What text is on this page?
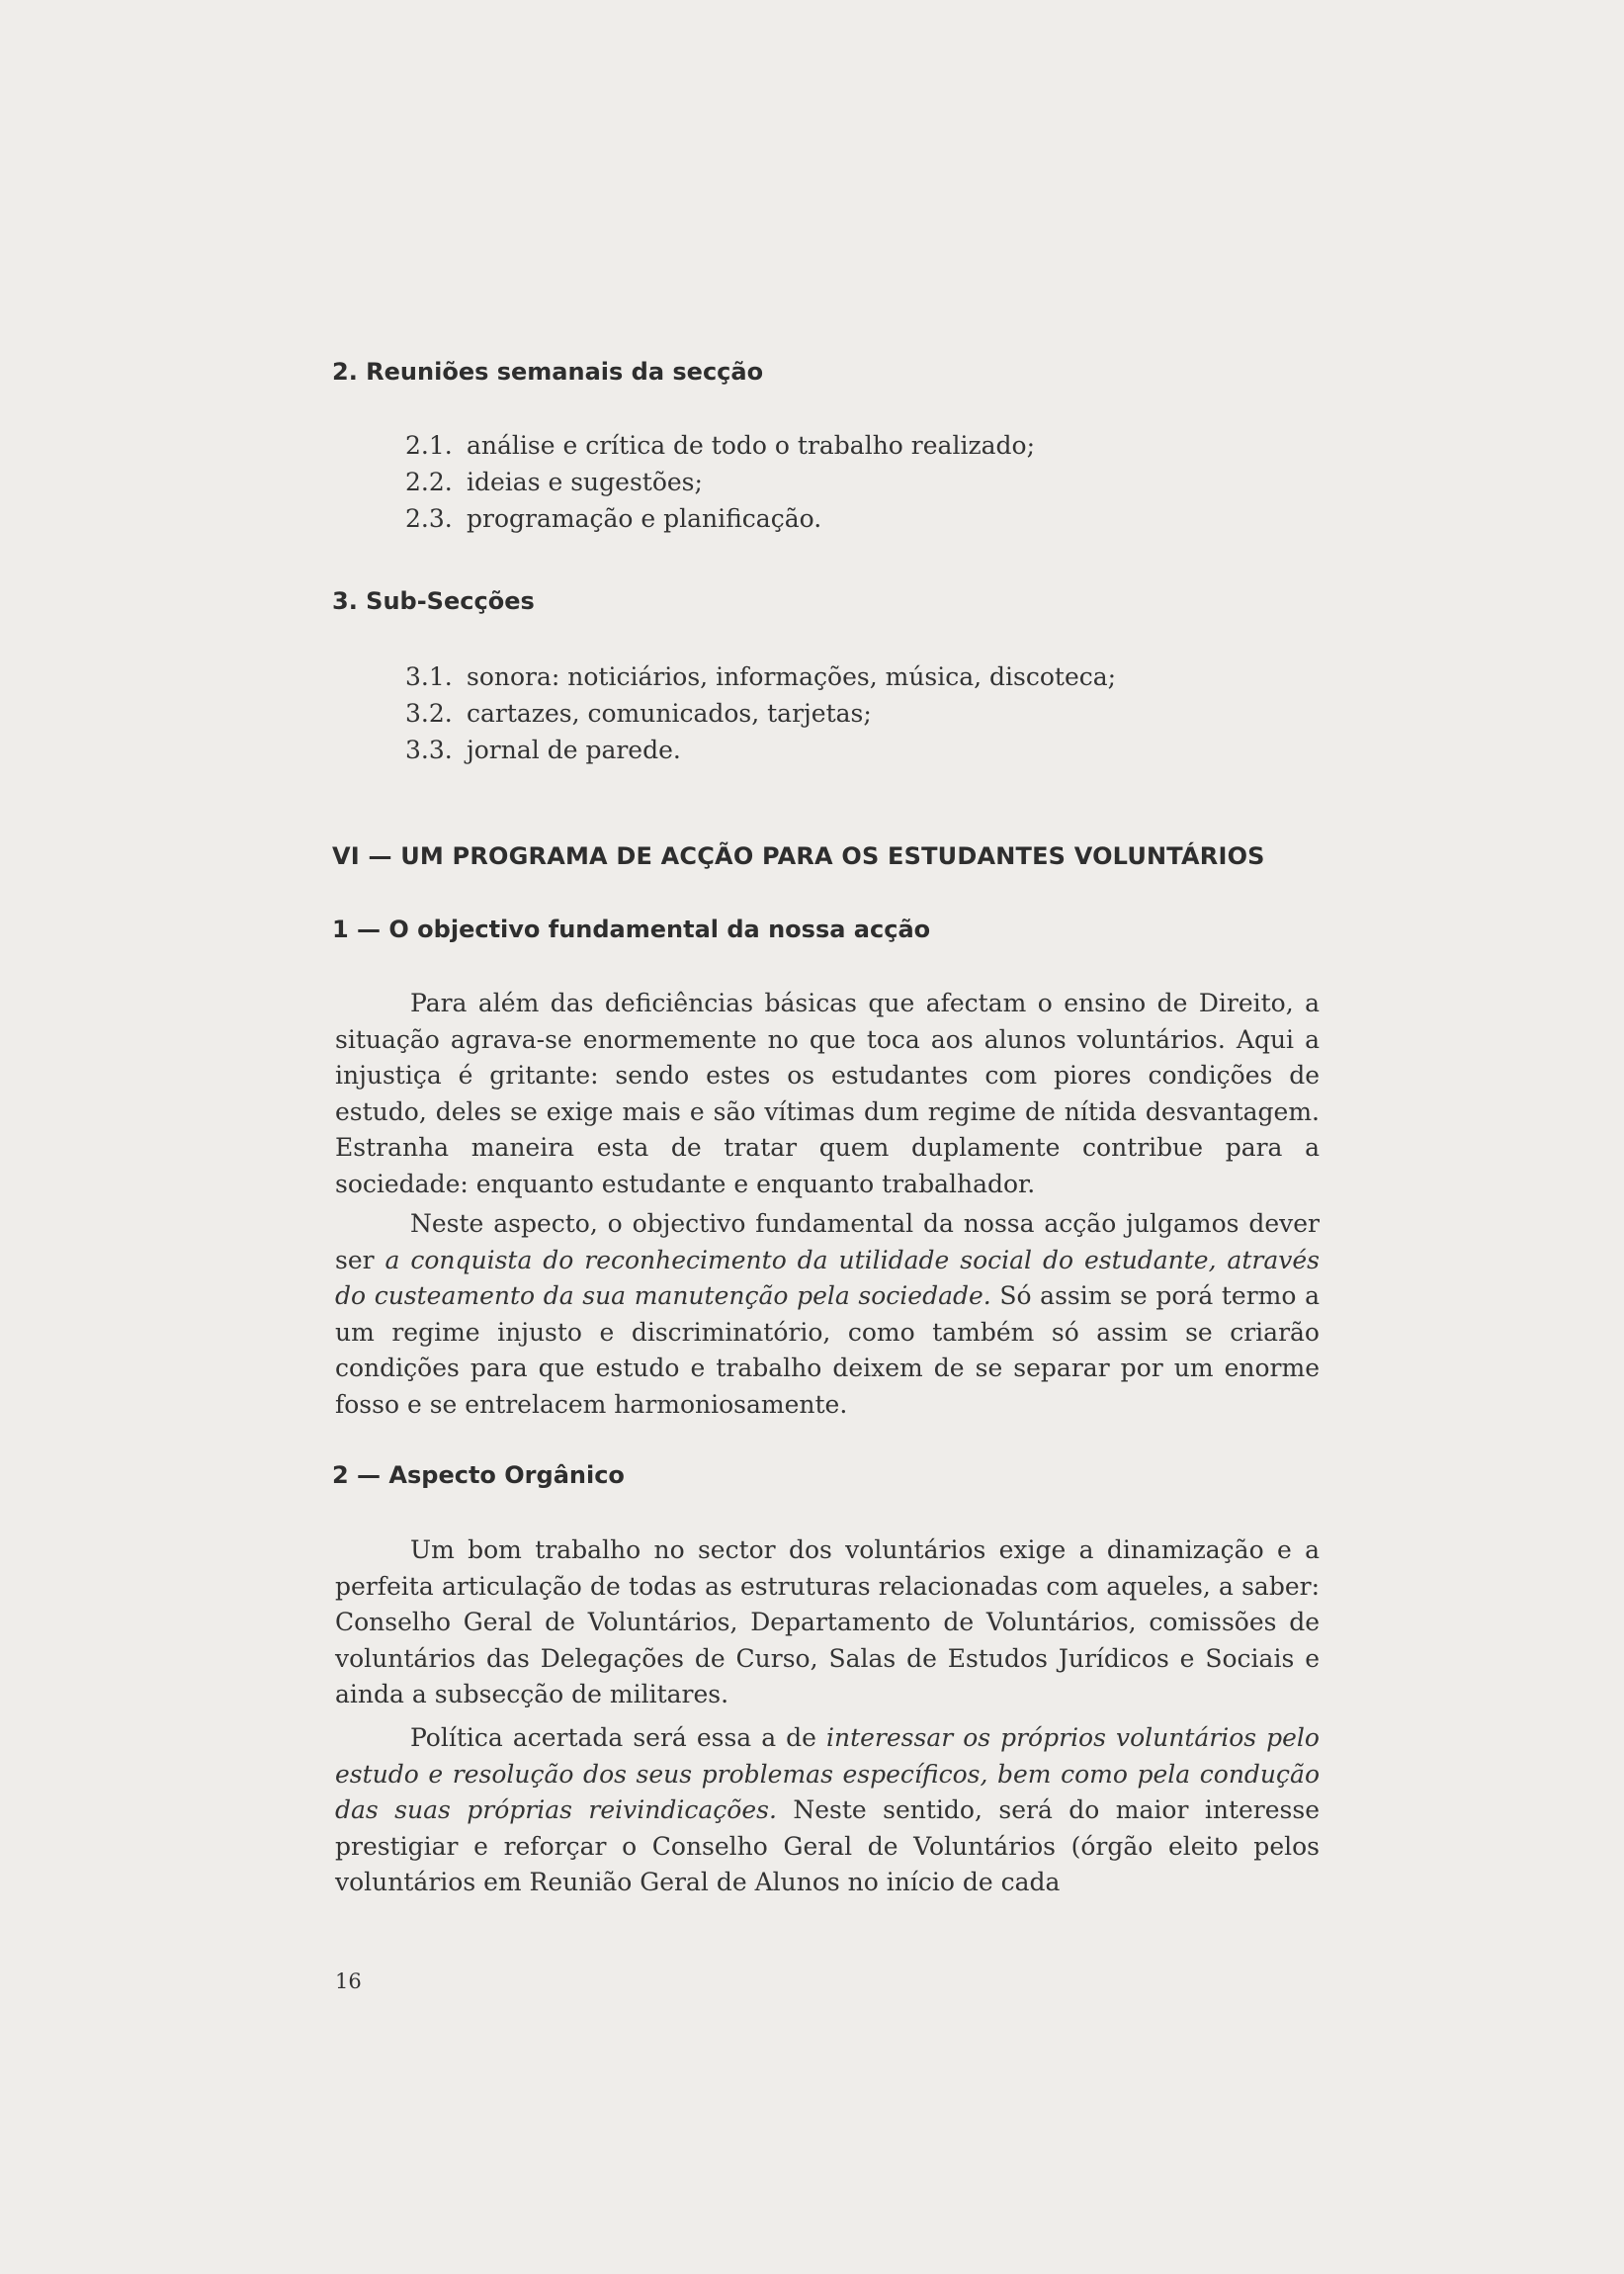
2. Reuniões semanais da secção
2.1. análise e crítica de todo o trabalho realizado;
2.2. ideias e sugestões;
2.3. programação e planificação.
3. Sub-Secções
3.1. sonora: noticiários, informações, música, discoteca;
3.2. cartazes, comunicados, tarjetas;
3.3. jornal de parede.
VI — UM PROGRAMA DE ACÇÃO PARA OS ESTUDANTES VOLUNTÁRIOS
1 — O objectivo fundamental da nossa acção

Para além das deficiências básicas que afectam o ensino de Direito, a situação agrava-se enormemente no que toca aos alunos voluntários. Aqui a injustiça é gritante: sendo estes os estudantes com piores condições de estudo, deles se exige mais e são vítimas dum regime de nítida desvantagem. Estranha maneira esta de tratar quem duplamente contribue para a sociedade: enquanto estudante e enquanto trabalhador.

Neste aspecto, o objectivo fundamental da nossa acção julgamos dever ser a conquista do reconhecimento da utilidade social do estudante, através do custeamento da sua manutenção pela sociedade. Só assim se porá termo a um regime injusto e discriminatório, como também só assim se criarão condições para que estudo e trabalho deixem de se separar por um enorme fosso e se entrelacem harmoniosamente.

2 — Aspecto Orgânico

Um bom trabalho no sector dos voluntários exige a dinamização e a perfeita articulação de todas as estruturas relacionadas com aqueles, a saber: Conselho Geral de Voluntários, Departamento de Voluntários, comissões de voluntários das Delegações de Curso, Salas de Estudos Jurídicos e Sociais e ainda a subsecção de militares.

Política acertada será essa a de interessar os próprios voluntários pelo estudo e resolução dos seus problemas específicos, bem como pela condução das suas próprias reivindicações. Neste sentido, será do maior interesse prestigiar e reforçar o Conselho Geral de Voluntários (órgão eleito pelos voluntários em Reunião Geral de Alunos no início de cada

16
